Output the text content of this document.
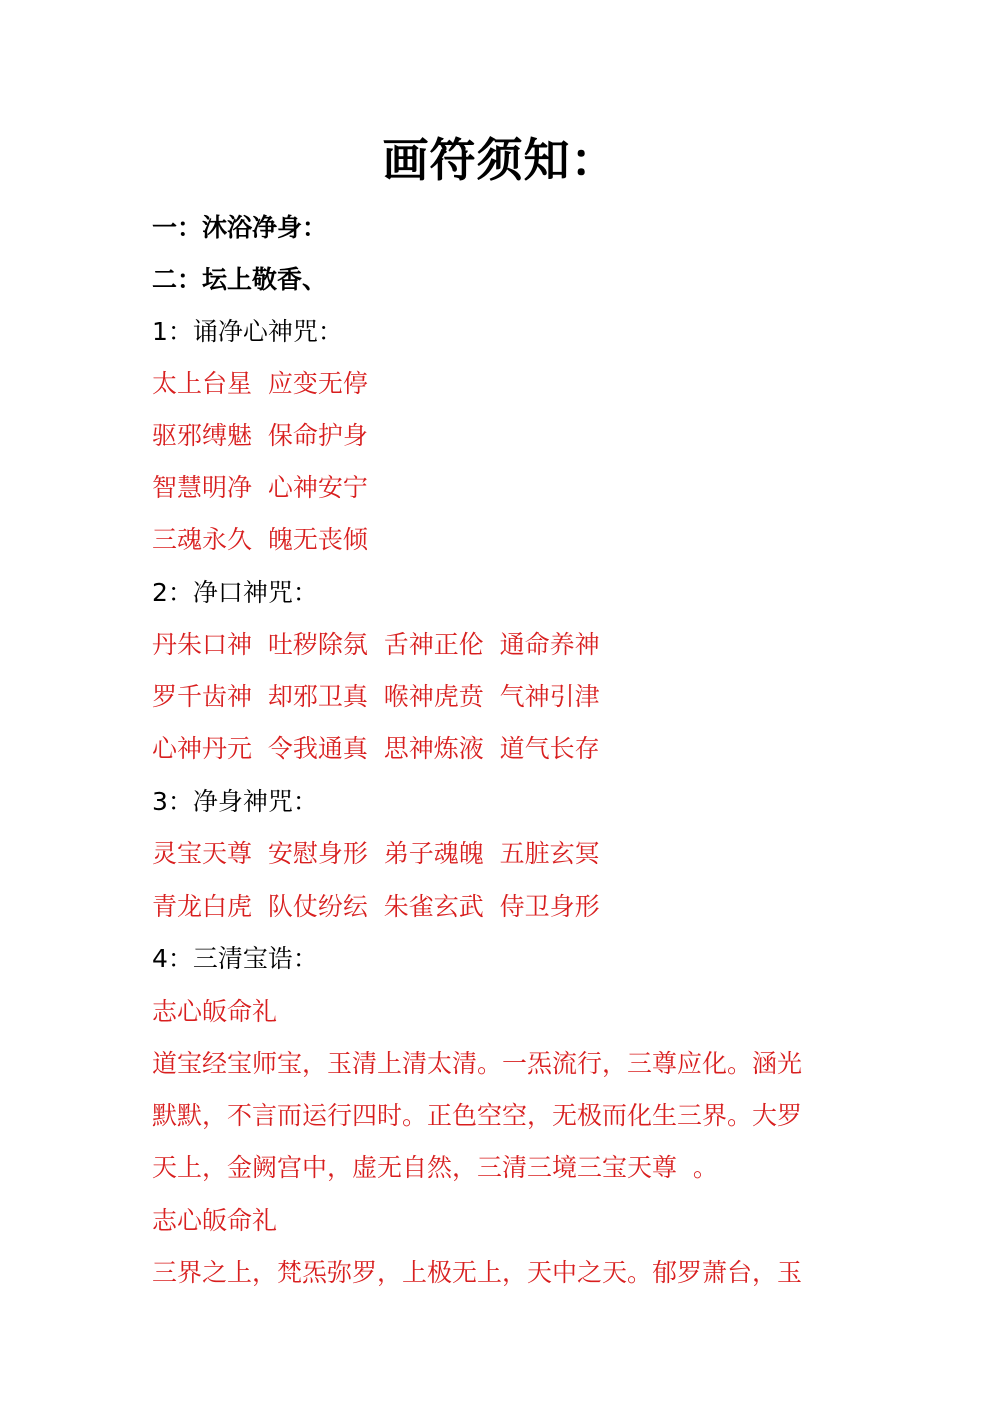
画符须知：

一：沐浴净身：

二：坛上敬香、

1：诵净心神咒：

太上台星  应变无停

驱邪缚魅  保命护身

智慧明净  心神安宁

三魂永久  魄无丧倾

2：净口神咒：

丹朱口神  吐秽除氛  舌神正伦  通命养神

罗千齿神  却邪卫真  喉神虎贲  气神引津

心神丹元  令我通真  思神炼液  道气长存

3：净身神咒：

灵宝天尊  安慰身形  弟子魂魄  五脏玄冥

青龙白虎  队仗纷纭  朱雀玄武  侍卫身形

4：三清宝诰：

志心皈命礼

道宝经宝师宝，玉清上清太清。一炁流行，三尊应化。涵光

默默，不言而运行四时。正色空空，无极而化生三界。大罗

天上，金阙宫中，虚无自然，三清三境三宝天尊  。

志心皈命礼

三界之上，梵炁弥罗，上极无上，天中之天。郁罗萧台，玉
